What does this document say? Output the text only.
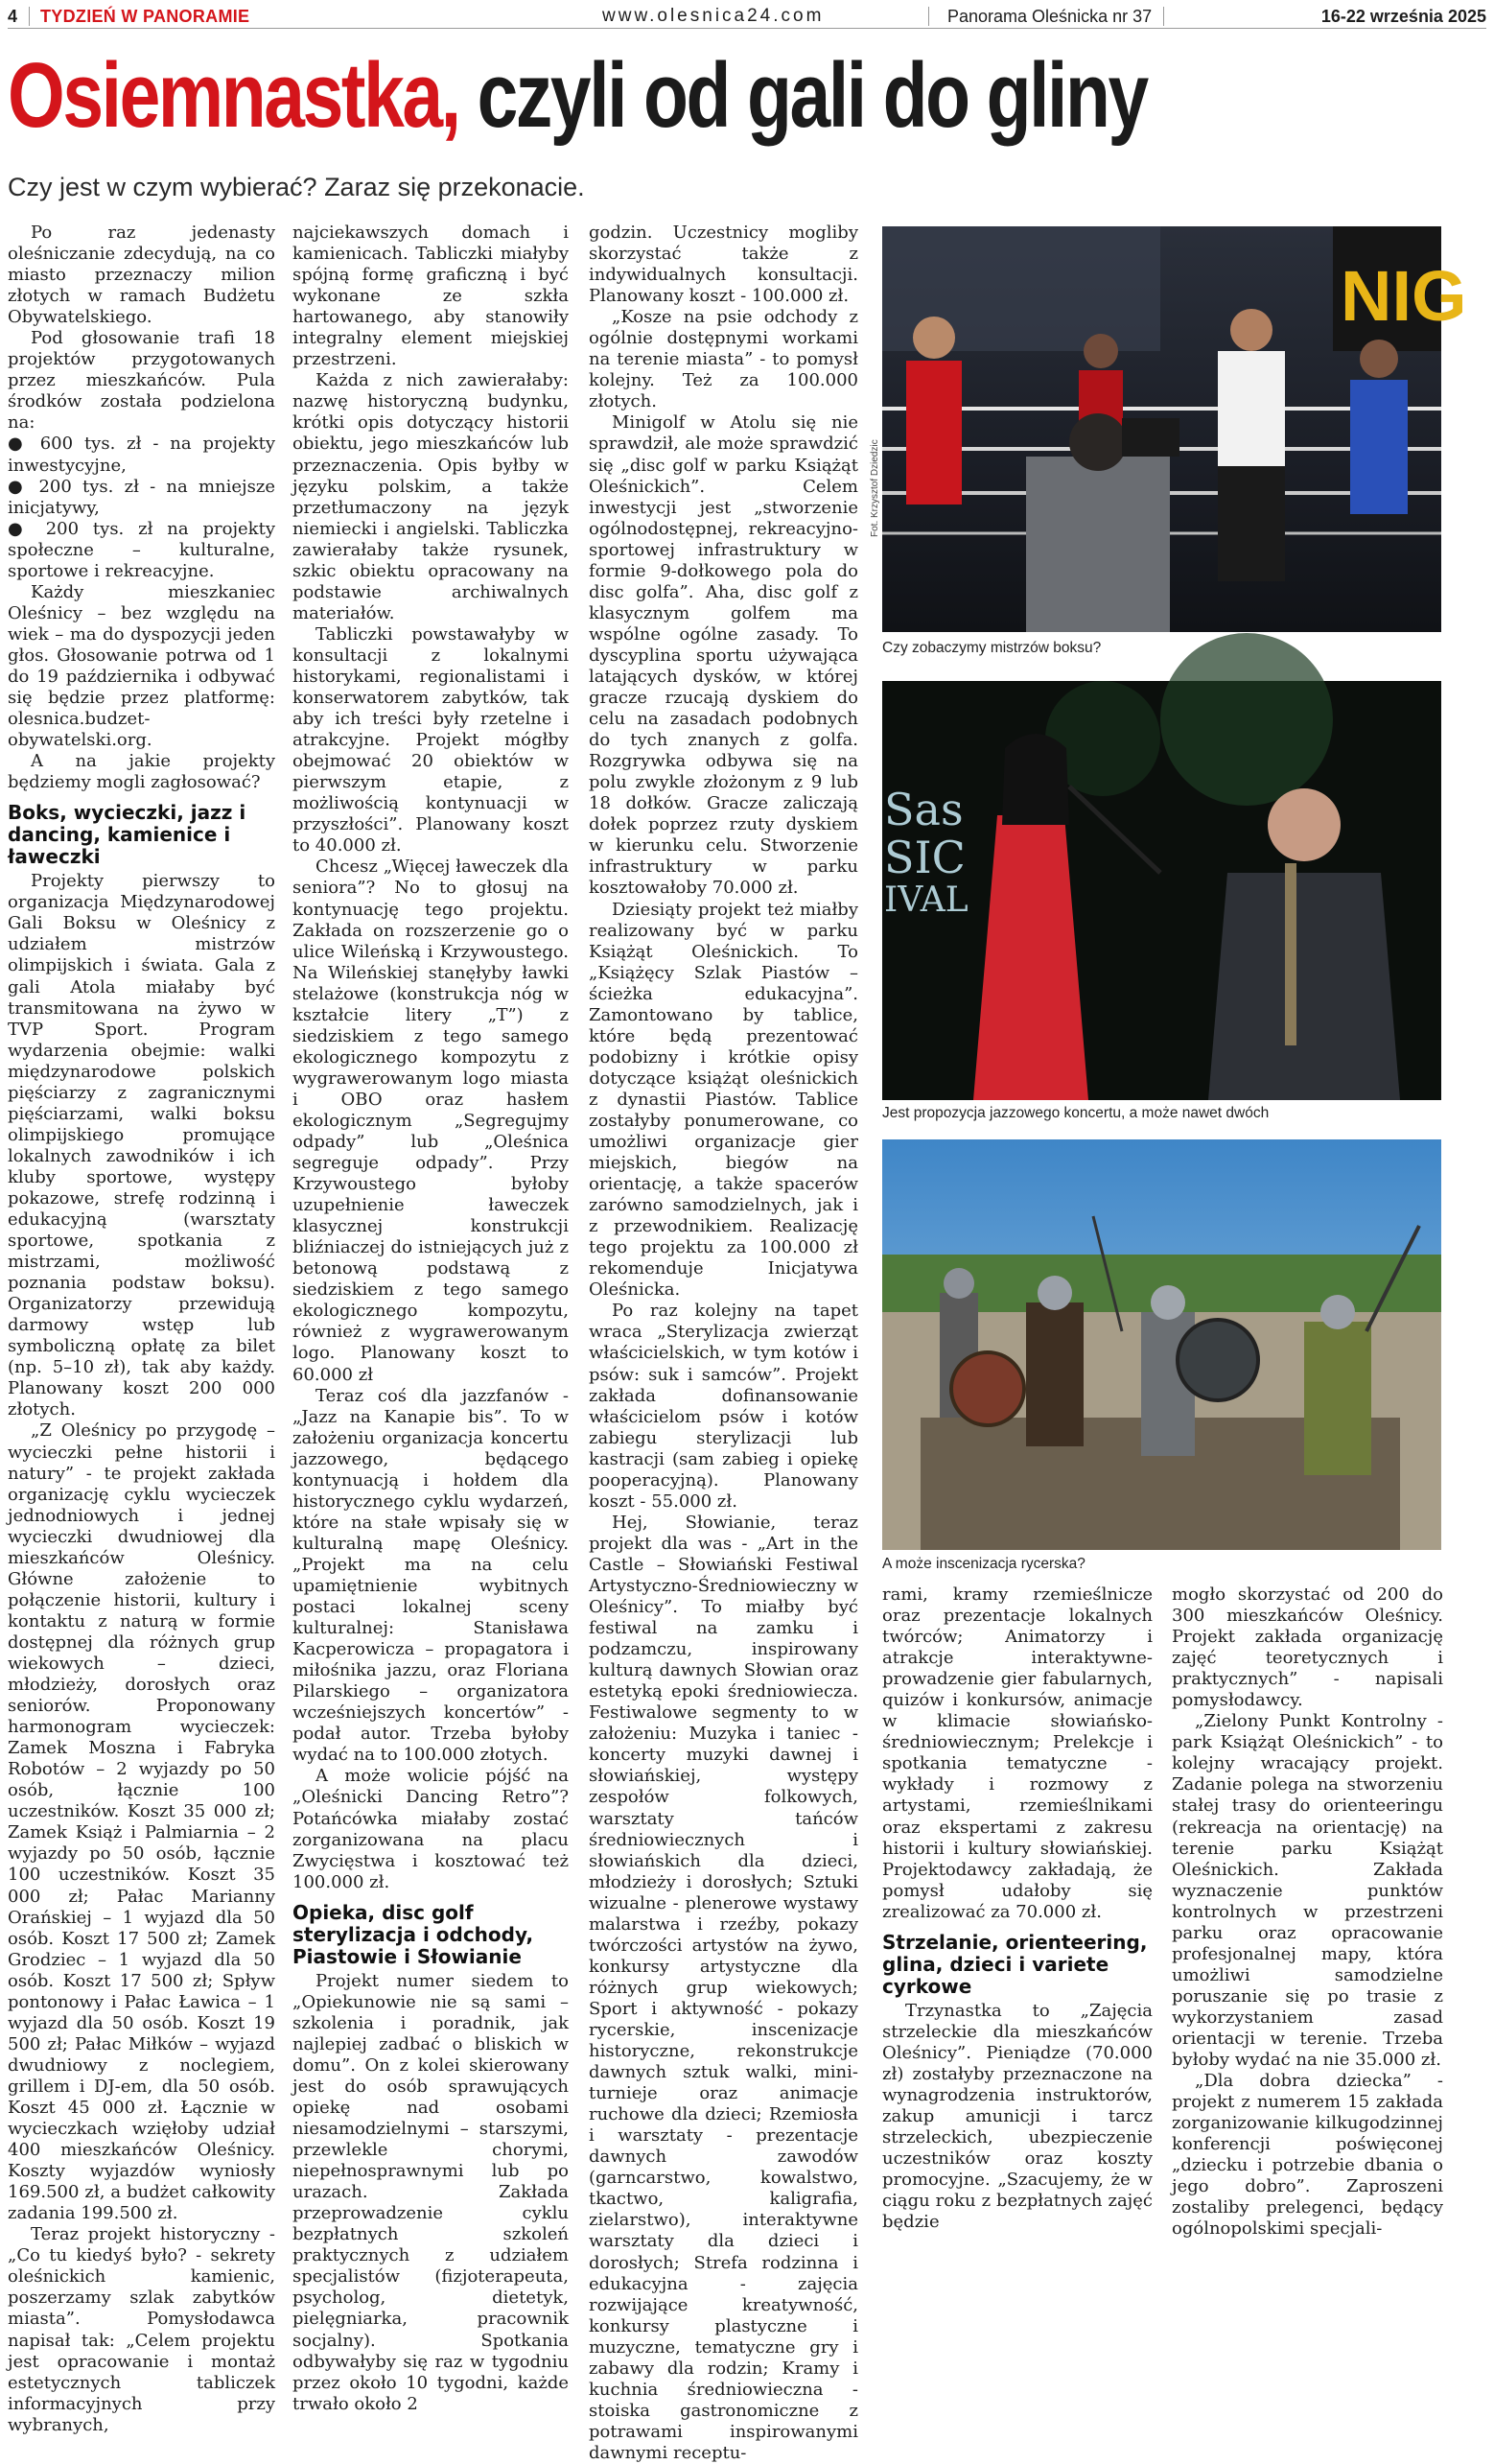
4 TYDZIEŃ W PANORAMIE	www.olesnica24.com	Panorama Oleśnicka nr 37	16-22 września 2025
Osiemnastka, czyli od gali do gliny
Czy jest w czym wybierać? Zaraz się przekonacie.

Po raz jedenasty oleśniczanie zdecydują, na co miasto przeznaczy milion złotych w ramach Budżetu Obywatelskiego.

Pod głosowanie trafi 18 projektów przygotowanych przez mieszkańców. Pula środków została podzielona na:

● 600 tys. zł - na projekty inwestycyjne,

● 200 tys. zł - na mniejsze inicjatywy,

● 200 tys. zł na projekty społeczne – kulturalne, sportowe i rekreacyjne.

Każdy mieszkaniec Oleśnicy – bez względu na wiek – ma do dyspozycji jeden głos. Głosowanie potrwa od 1 do 19 października i odbywać się będzie przez platformę: olesnica.budzet-obywatelski.org.

A na jakie projekty będziemy mogli zagłosować?

Boks, wycieczki, jazz i dancing, kamienice i ławeczki

Projekty pierwszy to organizacja Międzynarodowej Gali Boksu w Oleśnicy z udziałem mistrzów olimpijskich i świata. Gala z gali Atola miałaby być transmitowana na żywo w TVP Sport. Program wydarzenia obejmie: walki międzynarodowe polskich pięściarzy z zagranicznymi pięściarzami, walki boksu olimpijskiego promujące lokalnych zawodników i ich kluby sportowe, występy pokazowe, strefę rodzinną i edukacyjną (warsztaty sportowe, spotkania z mistrzami, możliwość poznania podstaw boksu). Organizatorzy przewidują darmowy wstęp lub symboliczną opłatę za bilet (np. 5–10 zł), tak aby każdy. Planowany koszt 200 000 złotych.

„Z Oleśnicy po przygodę – wycieczki pełne historii i natury” - te projekt zakłada organizację cyklu wycieczek jednodniowych i jednej wycieczki dwudniowej dla mieszkańców Oleśnicy. Główne założenie to połączenie historii, kultury i kontaktu z naturą w formie dostępnej dla różnych grup wiekowych – dzieci, młodzieży, dorosłych oraz seniorów. Proponowany harmonogram wycieczek: Zamek Moszna i Fabryka Robotów – 2 wyjazdy po 50 osób, łącznie 100 uczestników. Koszt 35 000 zł; Zamek Książ i Palmiarnia – 2 wyjazdy po 50 osób, łącznie 100 uczestników. Koszt 35 000 zł; Pałac Marianny Orańskiej – 1 wyjazd dla 50 osób. Koszt 17 500 zł; Zamek Grodziec – 1 wyjazd dla 50 osób. Koszt 17 500 zł; Spływ pontonowy i Pałac Ławica – 1 wyjazd dla 50 osób. Koszt 19 500 zł; Pałac Miłków – wyjazd dwudniowy z noclegiem, grillem i DJ-em, dla 50 osób. Koszt 45 000 zł. Łącznie w wycieczkach wzięłoby udział 400 mieszkańców Oleśnicy. Koszty wyjazdów wyniosły 169.500 zł, a budżet całkowity zadania 199.500 zł.

Teraz projekt historyczny - „Co tu kiedyś było? - sekrety oleśnickich kamienic, poszerzamy szlak zabytków miasta”. Pomysłodawca napisał tak: „Celem projektu jest opracowanie i montaż estetycznych tabliczek informacyjnych przy wybranych,

najciekawszych domach i kamienicach. Tabliczki miałyby spójną formę graficzną i być wykonane ze szkła hartowanego, aby stanowiły integralny element miejskiej przestrzeni.

Każda z nich zawierałaby: nazwę historyczną budynku, krótki opis dotyczący historii obiektu, jego mieszkańców lub przeznaczenia. Opis byłby w języku polskim, a także przetłumaczony na język niemiecki i angielski. Tabliczka zawierałaby także rysunek, szkic obiektu opracowany na podstawie archiwalnych materiałów.

Tabliczki powstawałyby w konsultacji z lokalnymi historykami, regionalistami i konserwatorem zabytków, tak aby ich treści były rzetelne i atrakcyjne. Projekt mógłby obejmować 20 obiektów w pierwszym etapie, z możliwością kontynuacji w przyszłości”. Planowany koszt to 40.000 zł.

Chcesz „Więcej ławeczek dla seniora”? No to głosuj na kontynuację tego projektu. Zakłada on rozszerzenie go o ulice Wileńską i Krzywoustego. Na Wileńskiej stanęłyby ławki stelażowe (konstrukcja nóg w kształcie litery „T”) z siedziskiem z tego samego ekologicznego kompozytu z wygrawerowanym logo miasta i OBO oraz hasłem ekologicznym „Segregujmy odpady” lub „Oleśnica segreguje odpady”. Przy Krzywoustego byłoby uzupełnienie ławeczek klasycznej konstrukcji bliźniaczej do istniejących już z betonową podstawą z siedziskiem z tego samego ekologicznego kompozytu, również z wygrawerowanym logo. Planowany koszt to 60.000 zł

Teraz coś dla jazzfanów - „Jazz na Kanapie bis”. To w założeniu organizacja koncertu jazzowego, będącego kontynuacją i hołdem dla historycznego cyklu wydarzeń, które na stałe wpisały się w kulturalną mapę Oleśnicy. „Projekt ma na celu upamiętnienie wybitnych postaci lokalnej sceny kulturalnej: Stanisława Kacperowicza – propagatora i miłośnika jazzu, oraz Floriana Pilarskiego – organizatora wcześniejszych koncertów” - podał autor. Trzeba byłoby wydać na to 100.000 złotych.

A może wolicie pójść na „Oleśnicki Dancing Retro”? Potańcówka miałaby zostać zorganizowana na placu Zwycięstwa i kosztować też 100.000 zł.

Opieka, disc golf sterylizacja i odchody, Piastowie i Słowianie

Projekt numer siedem to „Opiekunowie nie są sami – szkolenia i poradnik, jak najlepiej zadbać o bliskich w domu”. On z kolei skierowany jest do osób sprawujących opiekę nad osobami niesamodzielnymi – starszymi, przewlekle chorymi, niepełnosprawnymi lub po urazach. Zakłada przeprowadzenie cyklu bezpłatnych szkoleń praktycznych z udziałem specjalistów (fizjoterapeuta, psycholog, dietetyk, pielęgniarka, pracownik socjalny). Spotkania odbywałyby się raz w tygodniu przez około 10 tygodni, każde trwało około 2

godzin. Uczestnicy mogliby skorzystać także z indywidualnych konsultacji. Planowany koszt - 100.000 zł.

„Kosze na psie odchody z ogólnie dostępnymi workami na terenie miasta” - to pomysł kolejny. Też za 100.000 złotych.

Minigolf w Atolu się nie sprawdził, ale może sprawdzić się „disc golf w parku Książąt Oleśnickich”. Celem inwestycji jest „stworzenie ogólnodostępnej, rekreacyjno-sportowej infrastruktury w formie 9-dołkowego pola do disc golfa”. Aha, disc golf z klasycznym golfem ma wspólne ogólne zasady. To dyscyplina sportu używająca latających dysków, w której gracze rzucają dyskiem do celu na zasadach podobnych do tych znanych z golfa. Rozgrywka odbywa się na polu zwykle złożonym z 9 lub 18 dołków. Gracze zaliczają dołek poprzez rzuty dyskiem w kierunku celu. Stworzenie infrastruktury w parku kosztowałoby 70.000 zł.

Dziesiąty projekt też miałby realizowany być w parku Książąt Oleśnickich. To „Książęcy Szlak Piastów – ścieżka edukacyjna”. Zamontowano by tablice, które będą prezentować podobizny i krótkie opisy dotyczące książąt oleśnickich z dynastii Piastów. Tablice zostałyby ponumerowane, co umożliwi organizacje gier miejskich, biegów na orientację, a także spacerów zarówno samodzielnych, jak i z przewodnikiem. Realizację tego projektu za 100.000 zł rekomenduje Inicjatywa Oleśnicka.

Po raz kolejny na tapet wraca „Sterylizacja zwierząt właścicielskich, w tym kotów i psów: suk i samców”. Projekt zakłada dofinansowanie właścicielom psów i kotów zabiegu sterylizacji lub kastracji (sam zabieg i opiekę pooperacyjną). Planowany koszt - 55.000 zł.

Hej, Słowianie, teraz projekt dla was - „Art in the Castle – Słowiański Festiwal Artystyczno-Średniowieczny w Oleśnicy”. To miałby być festiwal na zamku i podzamczu, inspirowany kulturą dawnych Słowian oraz estetyką epoki średniowiecza. Festiwalowe segmenty to w założeniu: Muzyka i taniec - koncerty muzyki dawnej i słowiańskiej, występy zespołów folkowych, warsztaty tańców średniowiecznych i słowiańskich dla dzieci, młodzieży i dorosłych; Sztuki wizualne - plenerowe wystawy malarstwa i rzeźby, pokazy twórczości artystów na żywo, konkursy artystyczne dla różnych grup wiekowych; Sport i aktywność - pokazy rycerskie, inscenizacje historyczne, rekonstrukcje dawnych sztuk walki, mini-turnieje oraz animacje ruchowe dla dzieci; Rzemiosła i warsztaty - prezentacje dawnych zawodów (garncarstwo, kowalstwo, tkactwo, kaligrafia, zielarstwo), interaktywne warsztaty dla dzieci i dorosłych; Strefa rodzinna i edukacyjna - zajęcia rozwijające kreatywność, konkursy plastyczne i muzyczne, tematyczne gry i zabawy dla rodzin; Kramy i kuchnia średniowieczna - stoiska gastronomiczne z potrawami inspirowanymi dawnymi receptu-

NIG
Fot. Krzysztof Dziedzic
Czy zobaczymy mistrzów boksu?
Sas
SIC
IVAL
Jest propozycja jazzowego koncertu, a może nawet dwóch
A może inscenizacja rycerska?

rami, kramy rzemieślnicze oraz prezentacje lokalnych twórców; Animatorzy i atrakcje interaktywne- prowadzenie gier fabularnych, quizów i konkursów, animacje w klimacie słowiańsko-średniowiecznym; Prelekcje i spotkania tematyczne - wykłady i rozmowy z artystami, rzemieślnikami oraz ekspertami z zakresu historii i kultury słowiańskiej. Projektodawcy zakładają, że pomysł udałoby się zrealizować za 70.000 zł.

Strzelanie, orienteering, glina, dzieci i variete cyrkowe

Trzynastka to „Zajęcia strzeleckie dla mieszkańców Oleśnicy”. Pieniądze (70.000 zł) zostałyby przeznaczone na wynagrodzenia instruktorów, zakup amunicji i tarcz strzeleckich, ubezpieczenie uczestników oraz koszty promocyjne. „Szacujemy, że w ciągu roku z bezpłatnych zajęć będzie

mogło skorzystać od 200 do 300 mieszkańców Oleśnicy. Projekt zakłada organizację zajęć teoretycznych i praktycznych” - napisali pomysłodawcy.

„Zielony Punkt Kontrolny - park Książąt Oleśnickich” - to kolejny wracający projekt. Zadanie polega na stworzeniu stałej trasy do orienteeringu (rekreacja na orientację) na terenie parku Książąt Oleśnickich. Zakłada wyznaczenie punktów kontrolnych w przestrzeni parku oraz opracowanie profesjonalnej mapy, która umożliwi samodzielne poruszanie się po trasie z wykorzystaniem zasad orientacji w terenie. Trzeba byłoby wydać na nie 35.000 zł.

„Dla dobra dziecka” - projekt z numerem 15 zakłada zorganizowanie kilkugodzinnej konferencji poświęconej „dziecku i potrzebie dbania o jego dobro”. Zaproszeni zostaliby prelegenci, będący ogólnopolskimi specjali-
